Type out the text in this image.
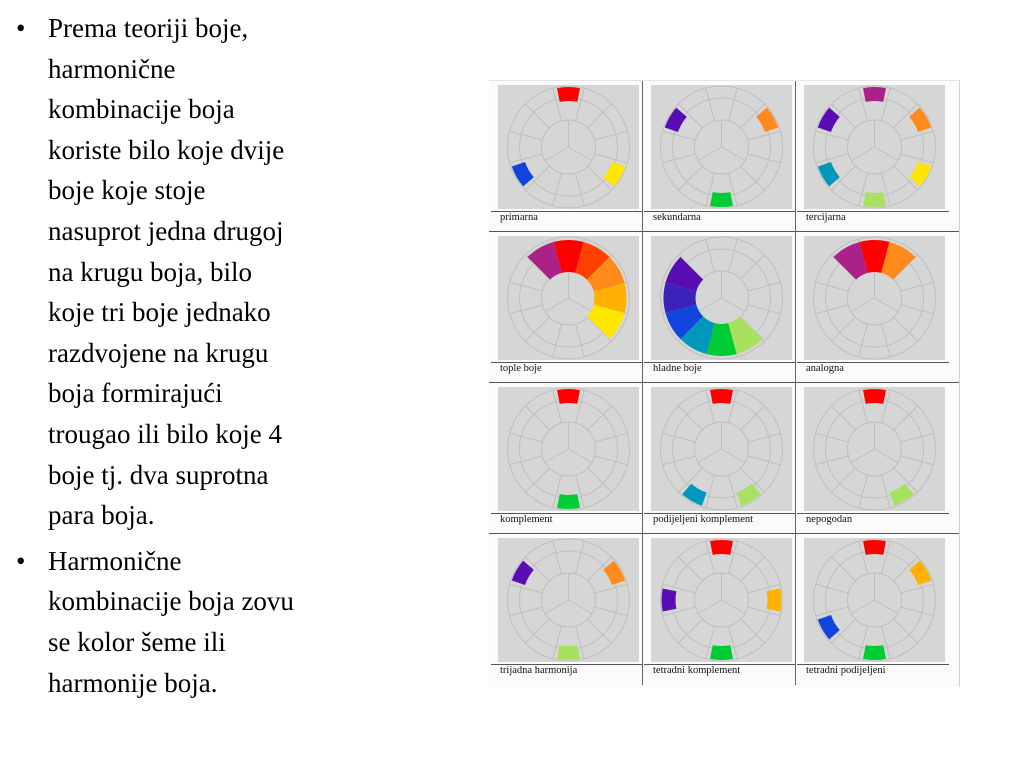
• Prema teoriji boje,
harmonične
kombinacije boja
koriste bilo koje dvije
boje koje stoje
nasuprot jedna drugoj
na krugu boja, bilo
koje tri boje jednako
razdvojene na krugu
boja formirajući
trougao ili bilo koje 4
boje tj. dva suprotna
para boja.
• Harmonične
kombinacije boja zovu
se kolor šeme ili
harmonije boja.
primarna	sekundarna	tercijarna
tople boje	hladne boje	analogna
komplement	podijeljeni komplement	nepogodan
trijadna harmonija	tetradni komplement	tetradni podijeljeni
